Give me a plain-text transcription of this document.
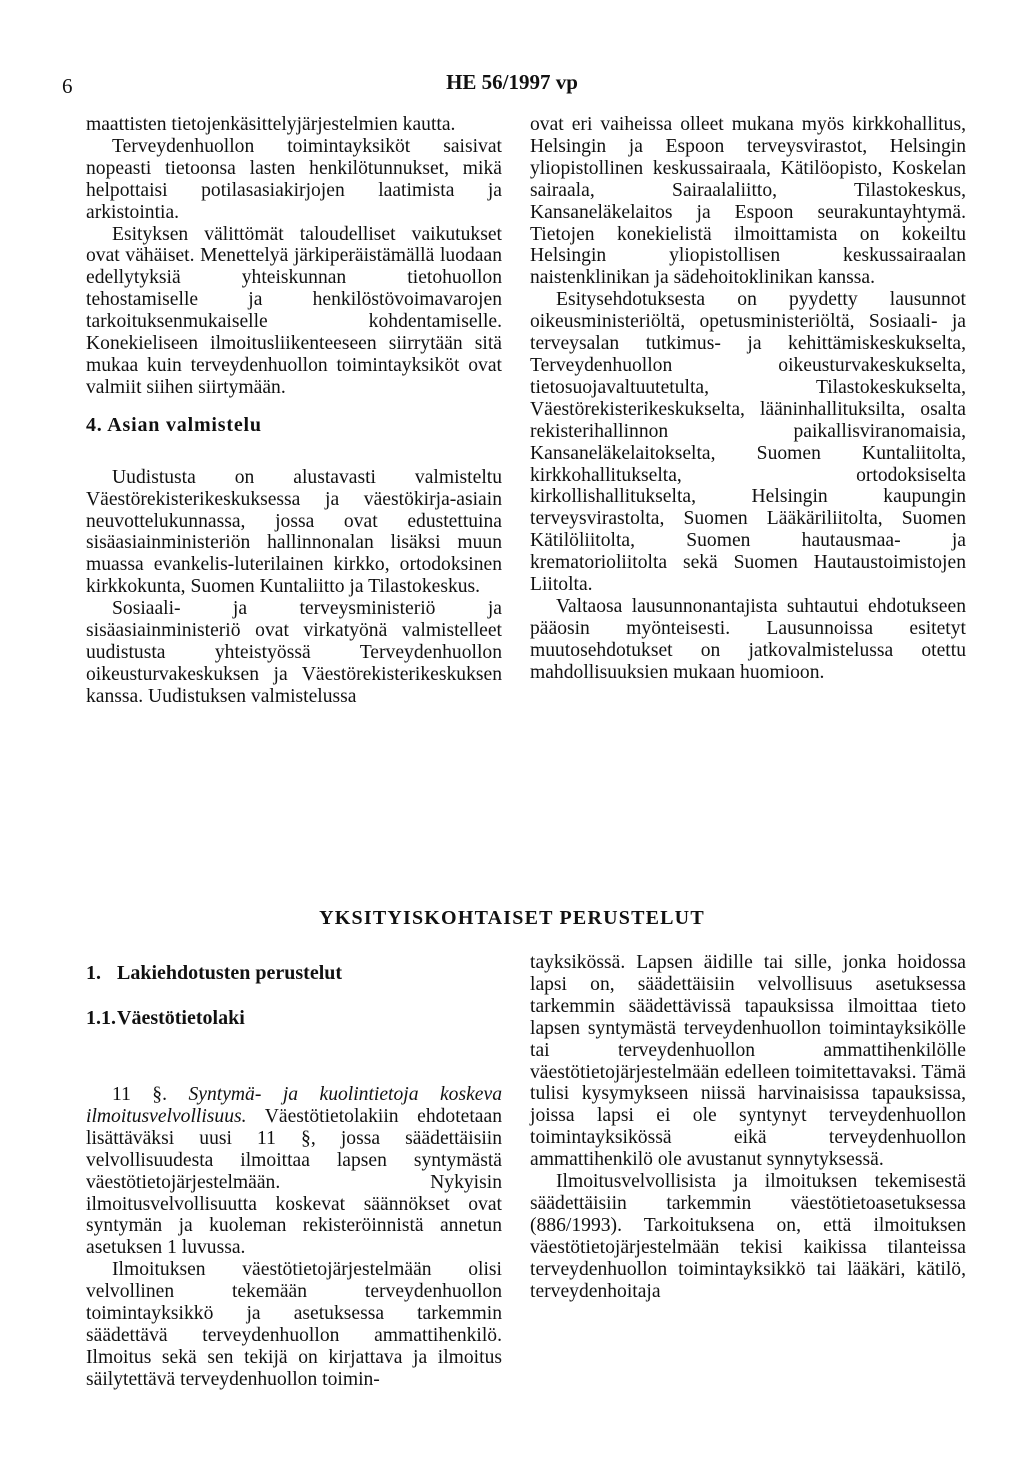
6	HE 56/1997 vp

maattisten tietojenkäsittelyjärjestelmien kautta.

Terveydenhuollon toimintayksiköt saisivat nopeasti tietoonsa lasten henkilötunnukset, mikä helpottaisi potilasasiakirjojen laatimista ja arkistointia.

Esityksen välittömät taloudelliset vaikutukset ovat vähäiset. Menettelyä järkiperäistämällä luodaan edellytyksiä yhteiskunnan tietohuollon tehostamiselle ja henkilöstövoimavarojen tarkoituksenmukaiselle kohdentamiselle. Konekieliseen ilmoitusliikenteeseen siirrytään sitä mukaa kuin terveydenhuollon toimintayksiköt ovat valmiit siihen siirtymään.

4. Asian valmistelu

Uudistusta on alustavasti valmisteltu Väestörekisterikeskuksessa ja väestökirja-asiain neuvottelukunnassa, jossa ovat edustettuina sisäasiainministeriön hallinnonalan lisäksi muun muassa evankelis-luterilainen kirkko, ortodoksinen kirkkokunta, Suomen Kuntaliitto ja Tilastokeskus.

Sosiaali- ja terveysministeriö ja sisäasiainministeriö ovat virkatyönä valmistelleet uudistusta yhteistyössä Terveydenhuollon oikeusturvakeskuksen ja Väestörekisterikeskuksen kanssa. Uudistuksen valmistelussa

ovat eri vaiheissa olleet mukana myös kirkkohallitus, Helsingin ja Espoon terveysvirastot, Helsingin yliopistollinen keskussairaala, Kätilöopisto, Koskelan sairaala, Sairaalaliitto, Tilastokeskus, Kansaneläkelaitos ja Espoon seurakuntayhtymä. Tietojen konekielistä ilmoittamista on kokeiltu Helsingin yliopistollisen keskussairaalan naistenklinikan ja sädehoitoklinikan kanssa.

Esitysehdotuksesta on pyydetty lausunnot oikeusministeriöltä, opetusministeriöltä, Sosiaali- ja terveysalan tutkimus- ja kehittämiskeskukselta, Terveydenhuollon oikeusturvakeskukselta, tietosuojavaltuutetulta, Tilastokeskukselta, Väestörekisterikeskukselta, lääninhallituksilta, osalta rekisterihallinnon paikallisviranomaisia, Kansaneläkelaitokselta, Suomen Kuntaliitolta, kirkkohallitukselta, ortodoksiselta kirkollishallitukselta, Helsingin kaupungin terveysvirastolta, Suomen Lääkäriliitolta, Suomen Kätilöliitolta, Suomen hautausmaa- ja krematorioliitolta sekä Suomen Hautaustoimistojen Liitolta.

Valtaosa lausunnonantajista suhtautui ehdotukseen pääosin myönteisesti. Lausunnoissa esitetyt muutosehdotukset on jatkovalmistelussa otettu mahdollisuuksien mukaan huomioon.

YKSITYISKOHTAISET PERUSTELUT
1. Lakiehdotusten perustelut
1.1.Väestötietolaki

11 §. Syntymä- ja kuolintietoja koskeva ilmoitusvelvollisuus. Väestötietolakiin ehdotetaan lisättäväksi uusi 11 §, jossa säädettäisiin velvollisuudesta ilmoittaa lapsen syntymästä väestötietojärjestelmään. Nykyisin ilmoitusvelvollisuutta koskevat säännökset ovat syntymän ja kuoleman rekisteröinnistä annetun asetuksen 1 luvussa.

Ilmoituksen väestötietojärjestelmään olisi velvollinen tekemään terveydenhuollon toimintayksikkö ja asetuksessa tarkemmin säädettävä terveydenhuollon ammattihenkilö. Ilmoitus sekä sen tekijä on kirjattava ja ilmoitus säilytettävä terveydenhuollon toimin-

tayksikössä. Lapsen äidille tai sille, jonka hoidossa lapsi on, säädettäisiin velvollisuus asetuksessa tarkemmin säädettävissä tapauksissa ilmoittaa tieto lapsen syntymästä terveydenhuollon toimintayksikölle tai terveydenhuollon ammattihenkilölle väestötietojärjestelmään edelleen toimitettavaksi. Tämä tulisi kysymykseen niissä harvinaisissa tapauksissa, joissa lapsi ei ole syntynyt terveydenhuollon toimintayksikössä eikä terveydenhuollon ammattihenkilö ole avustanut synnytyksessä.

Ilmoitusvelvollisista ja ilmoituksen tekemisestä säädettäisiin tarkemmin väestötietoasetuksessa (886/1993). Tarkoituksena on, että ilmoituksen väestötietojärjestelmään tekisi kaikissa tilanteissa terveydenhuollon toimintayksikkö tai lääkäri, kätilö, terveydenhoitaja
